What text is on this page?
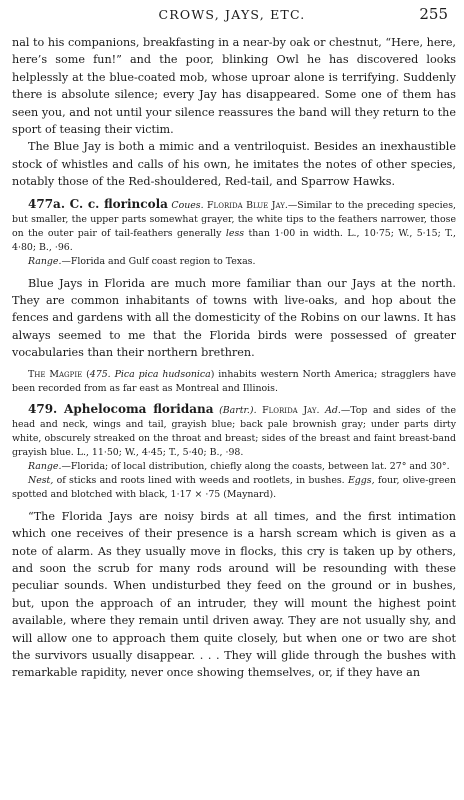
CROWS, JAYS, ETC.	255

nal to his companions, breakfasting in a near-by oak or chestnut, “Here, here, here’s some fun!” and the poor, blinking Owl he has discovered looks helplessly at the blue-coated mob, whose uproar alone is terrifying. Suddenly there is absolute silence; every Jay has disappeared. Some one of them has seen you, and not until your silence reassures the band will they return to the sport of teasing their victim.

The Blue Jay is both a mimic and a ventriloquist. Besides an inexhaustible stock of whistles and calls of his own, he imitates the notes of other species, notably those of the Red-shouldered, Red-tail, and Sparrow Hawks.

477a. C. c. florincola Coues. Florida Blue Jay.—Similar to the preceding species, but smaller, the upper parts somewhat grayer, the white tips to the feathers narrower, those on the outer pair of tail-feathers generally less than 1·00 in width. L., 10·75; W., 5·15; T., 4·80; B., ·96.

Range.—Florida and Gulf coast region to Texas.

Blue Jays in Florida are much more familiar than our Jays at the north. They are common inhabitants of towns with live-oaks, and hop about the fences and gardens with all the domesticity of the Robins on our lawns. It has always seemed to me that the Florida birds were possessed of greater vocabularies than their northern brethren.

The Magpie (475. Pica pica hudsonica) inhabits western North America; stragglers have been recorded from as far east as Montreal and Illinois.

479. Aphelocoma floridana (Bartr.). Florida Jay. Ad.—Top and sides of the head and neck, wings and tail, grayish blue; back pale brownish gray; under parts dirty white, obscurely streaked on the throat and breast; sides of the breast and faint breast-band grayish blue. L., 11·50; W., 4·45; T., 5·40; B., ·98.

Range.—Florida; of local distribution, chiefly along the coasts, between lat. 27° and 30°.

Nest, of sticks and roots lined with weeds and rootlets, in bushes. Eggs, four, olive-green spotted and blotched with black, 1·17 × ·75 (Maynard).

“The Florida Jays are noisy birds at all times, and the first intimation which one receives of their presence is a harsh scream which is given as a note of alarm. As they usually move in flocks, this cry is taken up by others, and soon the scrub for many rods around will be resounding with these peculiar sounds. When undisturbed they feed on the ground or in bushes, but, upon the approach of an intruder, they will mount the highest point available, where they remain until driven away. They are not usually shy, and will allow one to approach them quite closely, but when one or two are shot the survivors usually disappear. . . . They will glide through the bushes with remarkable rapidity, never once showing themselves, or, if they have an
